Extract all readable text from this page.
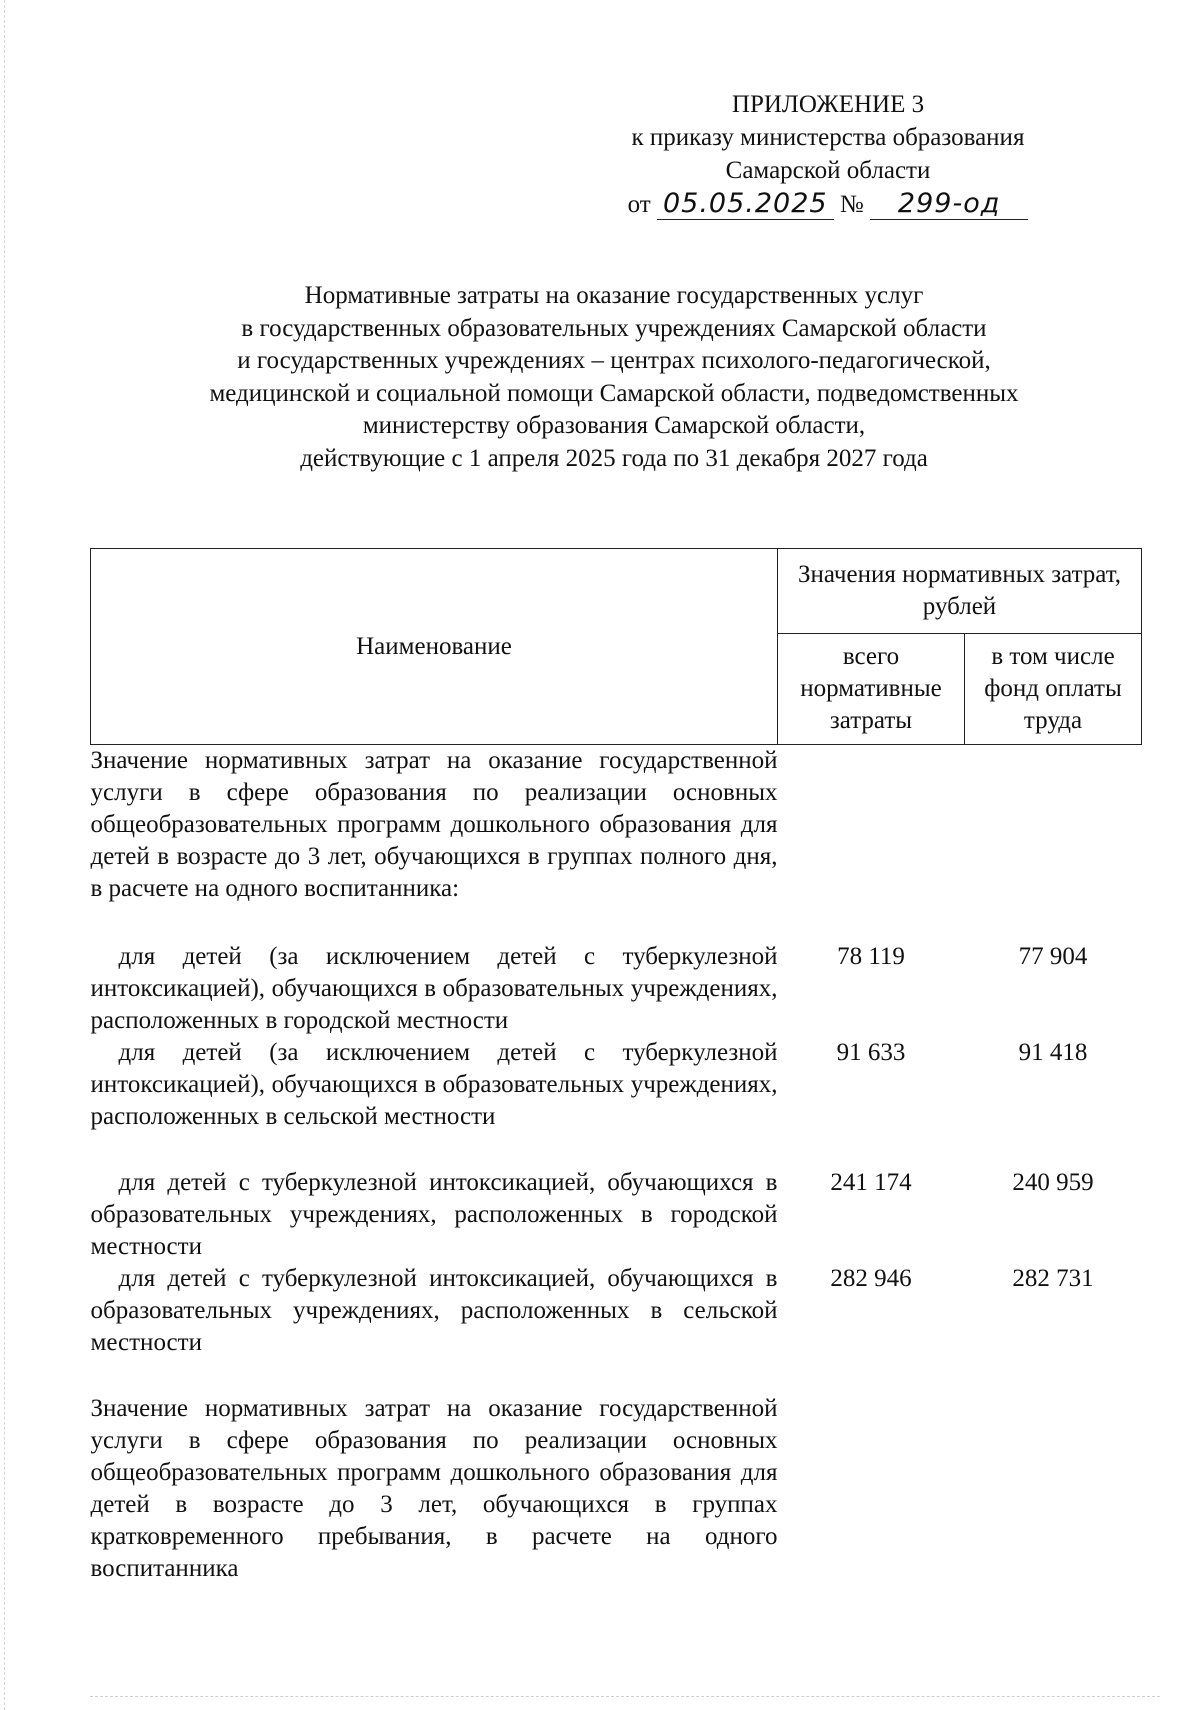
ПРИЛОЖЕНИЕ 3
к приказу министерства образования
Самарской области
от 05.05.2025 № 299-од
Нормативные затраты на оказание государственных услуг
в государственных образовательных учреждениях Самарской области
и государственных учреждениях – центрах психолого-педагогической,
медицинской и социальной помощи Самарской области, подведомственных
министерству образования Самарской области,
действующие с 1 апреля 2025 года по 31 декабря 2027 года
Наименование	Значения нормативных затрат, рублей	
	всего нормативные затраты	в том числе фонд оплаты труда
Значение нормативных затрат на оказание государственной услуги в сфере образования по реализации основных общеобразовательных программ дошкольного образования для детей в возрасте до 3 лет, обучающихся в группах полного дня, в расчете на одного воспитанника:		
для детей (за исключением детей с туберкулезной интоксикацией), обучающихся в образовательных учреждениях, расположенных в городской местности	78 119	77 904
для детей (за исключением детей с туберкулезной интоксикацией), обучающихся в образовательных учреждениях, расположенных в сельской местности	91 633	91 418
для детей с туберкулезной интоксикацией, обучающихся в образовательных учреждениях, расположенных в городской местности	241 174	240 959
для детей с туберкулезной интоксикацией, обучающихся в образовательных учреждениях, расположенных в сельской местности	282 946	282 731
Значение нормативных затрат на оказание государственной услуги в сфере образования по реализации основных общеобразовательных программ дошкольного образования для детей в возрасте до 3 лет, обучающихся в группах кратковременного пребывания, в расчете на одного воспитанника		
